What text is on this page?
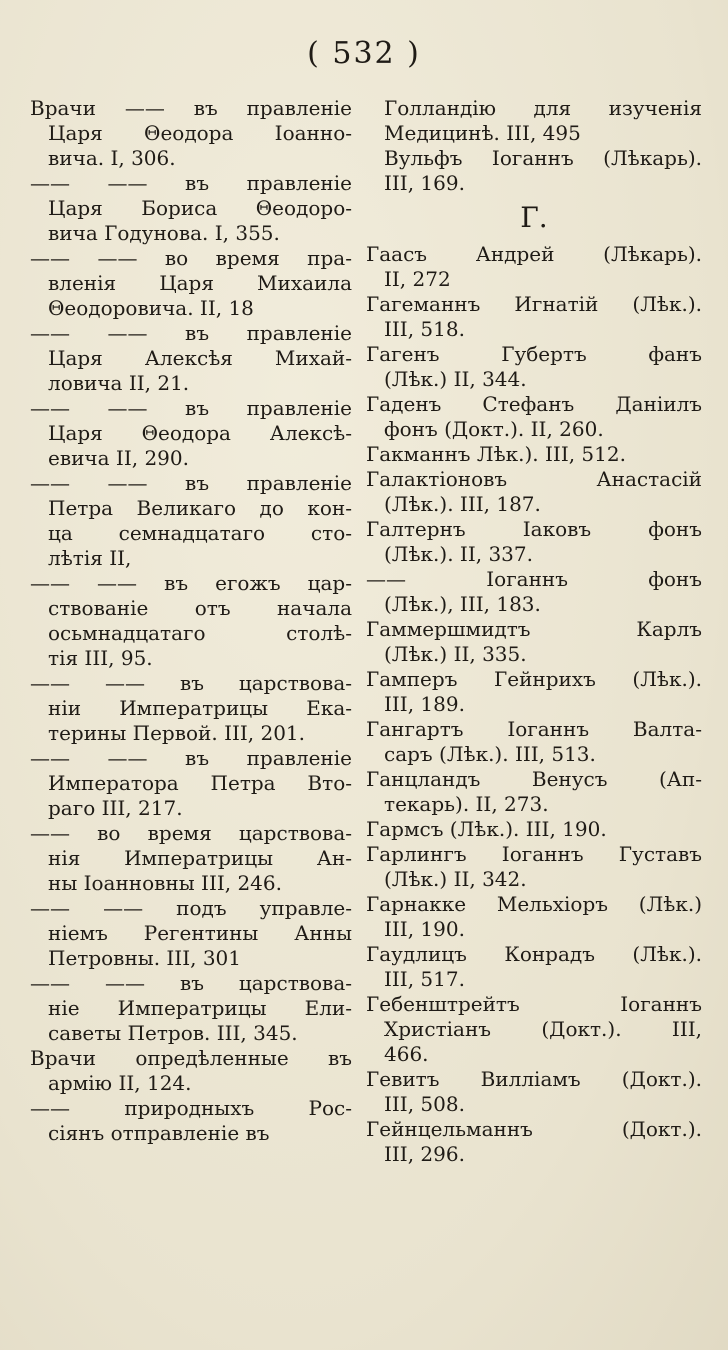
( 532 )
Врачи —— въ правленіе
Царя Θеодора Іоанно-
вича. I, 306.
—— —— въ правленіе
Царя Бориса Θеодоро-
вича Годунова. I, 355.
—— —— во время пра-
вленія Царя Михаила
Θеодоровича. II, 18
—— —— въ правленіе
Царя Алексѣя Михай-
ловича II, 21.
—— —— въ правленіе
Царя Θеодора Алексѣ-
евича II, 290.
—— —— въ правленіе
Петра Великаго до кон-
ца семнадцатаго сто-
лѣтія II,
—— —— въ егожъ цар-
ствованіе отъ начала
осьмнадцатаго столѣ-
тія III, 95.
—— —— въ царствова-
ніи Императрицы Ека-
терины Первой. III, 201.
—— —— въ правленіе
Императора Петра Вто-
раго III, 217.
—— во время царствова-
нія Императрицы Ан-
ны Іоанновны III, 246.
—— —— подъ управле-
ніемъ Регентины Анны
Петровны. III, 301
—— —— въ царствова-
ніе Императрицы Ели-
саветы Петров. III, 345.
Врачи опредѣленные въ
армію II, 124.
—— природныхъ Рос-
сіянъ отправленіе въ
Голландію для изученія
Медицинѣ. III, 495
Вульфъ Іоганнъ (Лѣкарь).
III, 169.
Г.
Гаасъ Андрей (Лѣкарь).
II, 272
Гагеманнъ Игнатій (Лѣк.).
III, 518.
Гагенъ Губертъ фанъ
(Лѣк.) II, 344.
Гаденъ Стефанъ Даніилъ
фонъ (Докт.). II, 260.
Гакманнъ Лѣк.). III, 512.
Галактіоновъ Анастасій
(Лѣк.). III, 187.
Галтернъ Іаковъ фонъ
(Лѣк.). II, 337.
—— Іоганнъ фонъ
(Лѣк.), III, 183.
Гаммершмидтъ Карлъ
(Лѣк.) II, 335.
Гамперъ Гейнрихъ (Лѣк.).
III, 189.
Гангартъ Іоганнъ Валта-
саръ (Лѣк.). III, 513.
Ганцландъ Венусъ (Ап-
текарь). II, 273.
Гармсъ (Лѣк.). III, 190.
Гарлингъ Іоганнъ Густавъ
(Лѣк.) II, 342.
Гарнакке Мельхіоръ (Лѣк.)
III, 190.
Гаудлицъ Конрадъ (Лѣк.).
III, 517.
Гебенштрейтъ Іоганнъ
Христіанъ (Докт.). III,
466.
Гевитъ Вилліамъ (Докт.).
III, 508.
Гейнцельманнъ (Докт.).
III, 296.
